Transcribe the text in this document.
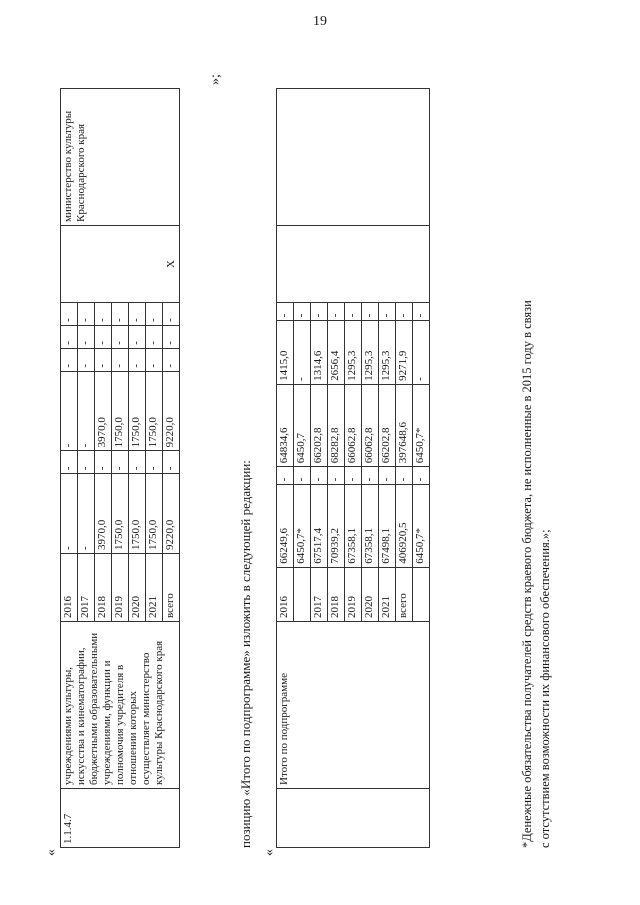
19
«
»;
1.1.4.7	учреждениями культуры, искусства и кинематографии, бюджетными образовательными учреждениями, функции и полномочия учредителя в отношении которых осуществляет министерство культуры Краснодарского края	2016	-	-	-	-	-	-	X	министерство культуры Краснодарского края
		2017	-	-	-	-	-	-		
		2018	3970,0	-	3970,0	-	-	-		
		2019	1750,0	-	1750,0	-	-	-		
		2020	1750,0	-	1750,0	-	-	-		
		2021	1750,0	-	1750,0	-	-	-		
		всего	9220,0	-	9220,0	-	-	-		
позицию «Итого по подпрограмме» изложить в следующей редакции:
«
	Итого по подпрограмме	2016	66249,6	-	64834,6	1415,0	-		
			6450,7*	-	6450,7	-	-		
		2017	67517,4	-	66202,8	1314,6	-		
		2018	70939,2	-	68282,8	2656,4	-		
		2019	67358,1	-	66062,8	1295,3	-		
		2020	67358,1	-	66062,8	1295,3	-		
		2021	67498,1	-	66202,8	1295,3	-		
		всего	406920,5	-	397648,6	9271,9	-		
			6450,7*	-	6450,7*	-	-			*Денежные обязательства получателей средств краевого бюджета, не исполненные в 2015 году в связи с отсутствием возможности их финансового обеспечения.»;
